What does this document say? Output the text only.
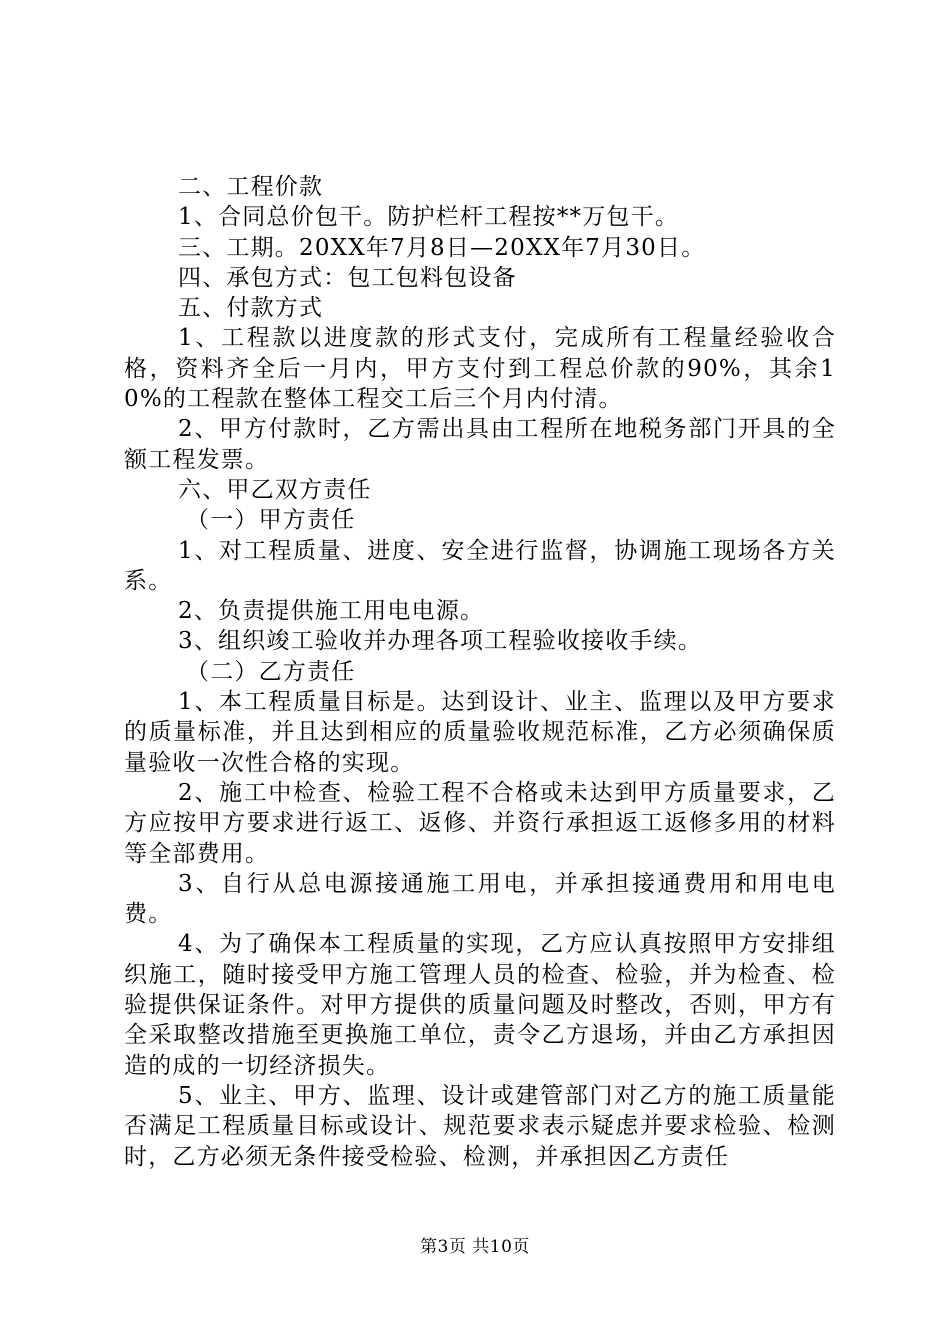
二、工程价款

1、合同总价包干。防护栏杆工程按**万包干。

三、工期。20XX年7月8日—20XX年7月30日。

四、承包方式：包工包料包设备

五、付款方式

1、工程款以进度款的形式支付，完成所有工程量经验收合格，资料齐全后一月内，甲方支付到工程总价款的90%，其余10%的工程款在整体工程交工后三个月内付清。

2、甲方付款时，乙方需出具由工程所在地税务部门开具的全额工程发票。

六、甲乙双方责任

（一）甲方责任

1、对工程质量、进度、安全进行监督，协调施工现场各方关系。

2、负责提供施工用电电源。

3、组织竣工验收并办理各项工程验收接收手续。

（二）乙方责任

1、本工程质量目标是。达到设计、业主、监理以及甲方要求的质量标准，并且达到相应的质量验收规范标准，乙方必须确保质量验收一次性合格的实现。

2、施工中检查、检验工程不合格或未达到甲方质量要求，乙方应按甲方要求进行返工、返修、并资行承担返工返修多用的材料等全部费用。

3、自行从总电源接通施工用电，并承担接通费用和用电电费。

4、为了确保本工程质量的实现，乙方应认真按照甲方安排组织施工，随时接受甲方施工管理人员的检查、检验，并为检查、检验提供保证条件。对甲方提供的质量问题及时整改，否则，甲方有全采取整改措施至更换施工单位，责令乙方退场，并由乙方承担因造的成的一切经济损失。

5、业主、甲方、监理、设计或建管部门对乙方的施工质量能否满足工程质量目标或设计、规范要求表示疑虑并要求检验、检测时，乙方必须无条件接受检验、检测，并承担因乙方责任

第3页 共10页
